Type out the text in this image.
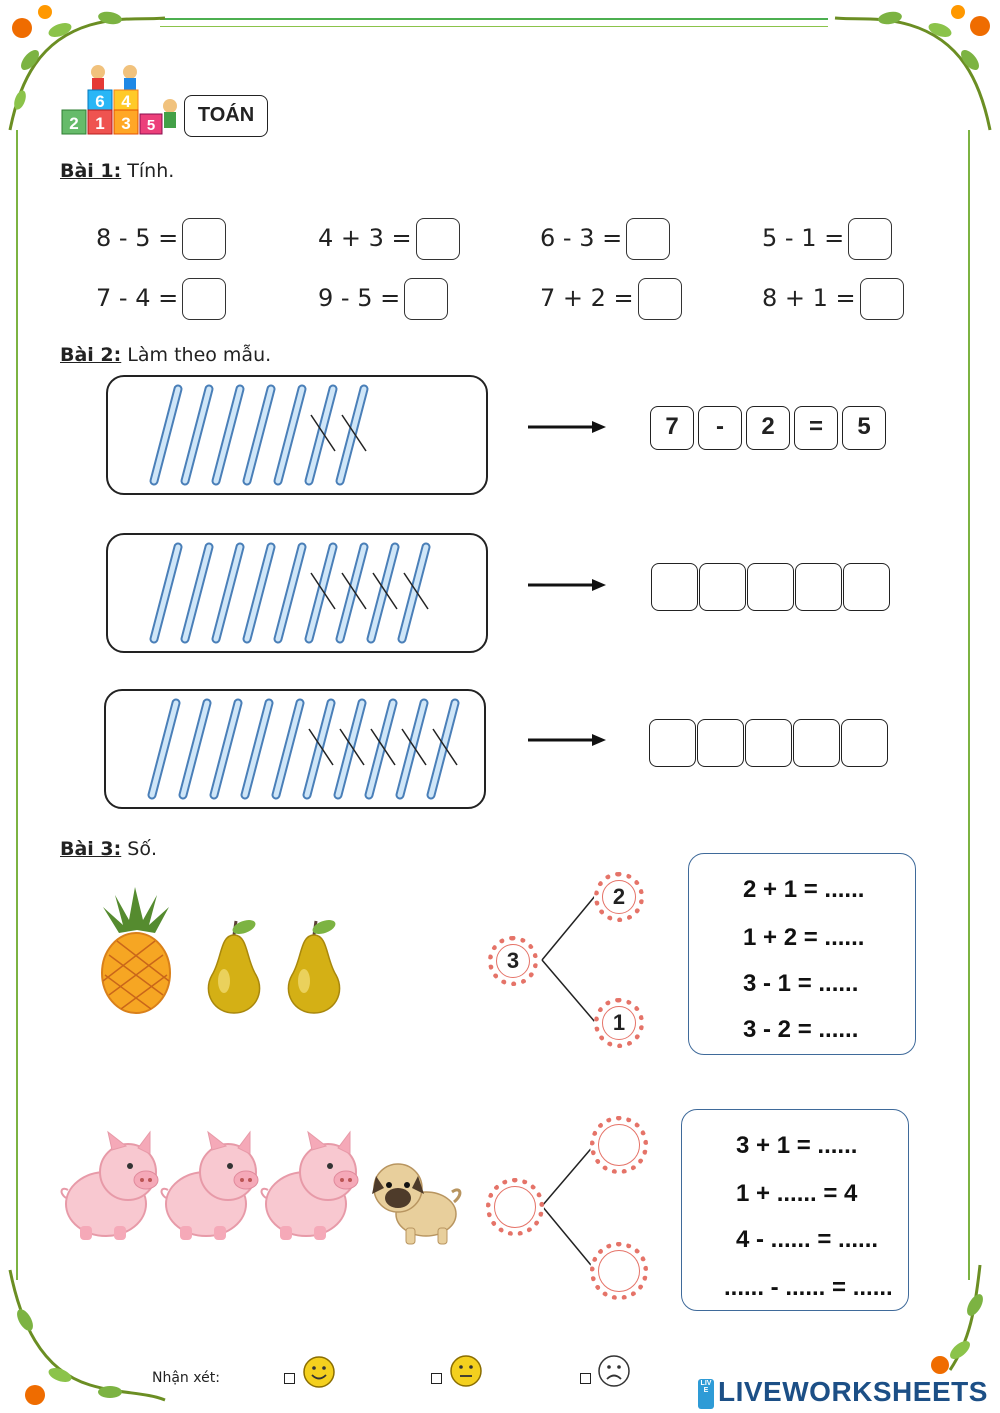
6 4
2 1 3 5	TOÁN
Bài 1: Tính.
8 - 5 =	4 + 3 =	6 - 3 =	5 - 1 =
7 - 4 =	9 - 5 =	7 + 2 =	8 + 1 =
Bài 2: Làm theo mẫu.
7	-	2	=	5
Bài 3: Số.
3
2
1
2 + 1 = ......
1 + 2 = ......
3 - 1 = ......
3 - 2 = ......
3 + 1 = ......
1 + ...... = 4
4 - ...... = ......
...... - ...... = ......
Nhận xét:	LIVE LIVEWORKSHEETS
